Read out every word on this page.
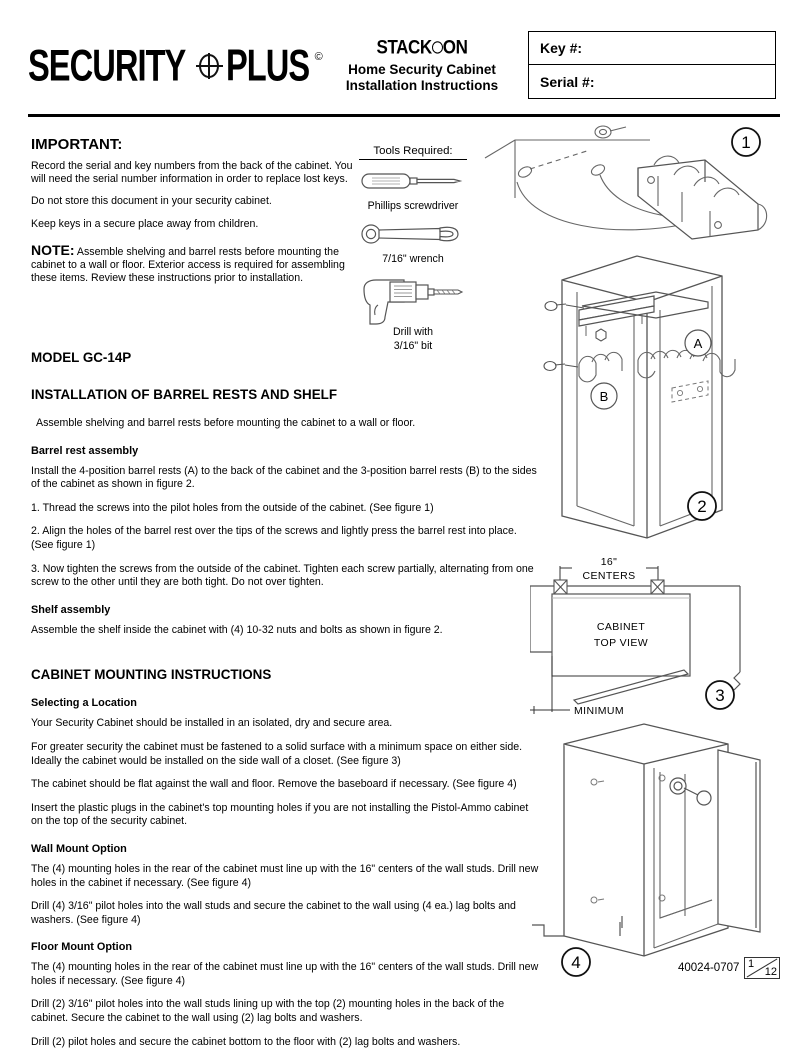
SECURITY PLUS ©	STACK ON
Home Security Cabinet
Installation Instructions
Key #:
Serial #:

IMPORTANT:

Record the serial and key numbers from the back of the cabinet. You will need the serial number information in order to replace lost keys.

Do not store this document in your security cabinet.

Keep keys in a secure place away from children.

NOTE: Assemble shelving and barrel rests before mounting the cabinet to a wall or floor. Exterior access is required for assembling these items. Review these instructions prior to installation.
Tools Required:
Phillips screwdriver
7/16" wrench
Drill with
3/16" bit

MODEL GC-14P

INSTALLATION OF BARREL RESTS AND SHELF

Assemble shelving and barrel rests before mounting the cabinet to a wall or floor.

Barrel rest assembly

Install the 4-position barrel rests (A) to the back of the cabinet and the 3-position barrel rests (B) to the sides of the cabinet as shown in figure 2.

1. Thread the screws into the pilot holes from the outside of the cabinet. (See figure 1)

2. Align the holes of the barrel rest over the tips of the screws and lightly press the barrel rest into place. (See figure 1)

3. Now tighten the screws from the outside of the cabinet. Tighten each screw partially, alternating from one screw to the other until they are both tight. Do not over tighten.

Shelf assembly

Assemble the shelf inside the cabinet with (4) 10-32 nuts and bolts as shown in figure 2.

CABINET MOUNTING INSTRUCTIONS

Selecting a Location

Your Security Cabinet should be installed in an isolated, dry and secure area.

For greater security the cabinet must be fastened to a solid surface with a minimum space on either side. Ideally the cabinet would be installed on the side wall of a closet. (See figure 3)

The cabinet should be flat against the wall and floor. Remove the baseboard if necessary. (See figure 4)

Insert the plastic plugs in the cabinet's top mounting holes if you are not installing the Pistol-Ammo cabinet on the top of the security cabinet.

Wall Mount Option

The (4) mounting holes in the rear of the cabinet must line up with the 16" centers of the wall studs. Drill new holes in the cabinet if necessary. (See figure 4)

Drill (4) 3/16" pilot holes into the wall studs and secure the cabinet to the wall using (4 ea.) lag bolts and washers. (See figure 4)

Floor Mount Option

The (4) mounting holes in the rear of the cabinet must line up with the 16" centers of the wall studs. Drill new holes if necessary. (See figure 4)

Drill (2) 3/16" pilot holes into the wall studs lining up with the top (2) mounting holes in the back of the cabinet. Secure the cabinet to the wall using (2) lag bolts and washers.

Drill (2) pilot holes and secure the cabinet bottom to the floor with (2) lag bolts and washers.

1
A
B
2
16"
CENTERS
CABINET
TOP VIEW
MINIMUM
3
4	40024-0707 1
12
